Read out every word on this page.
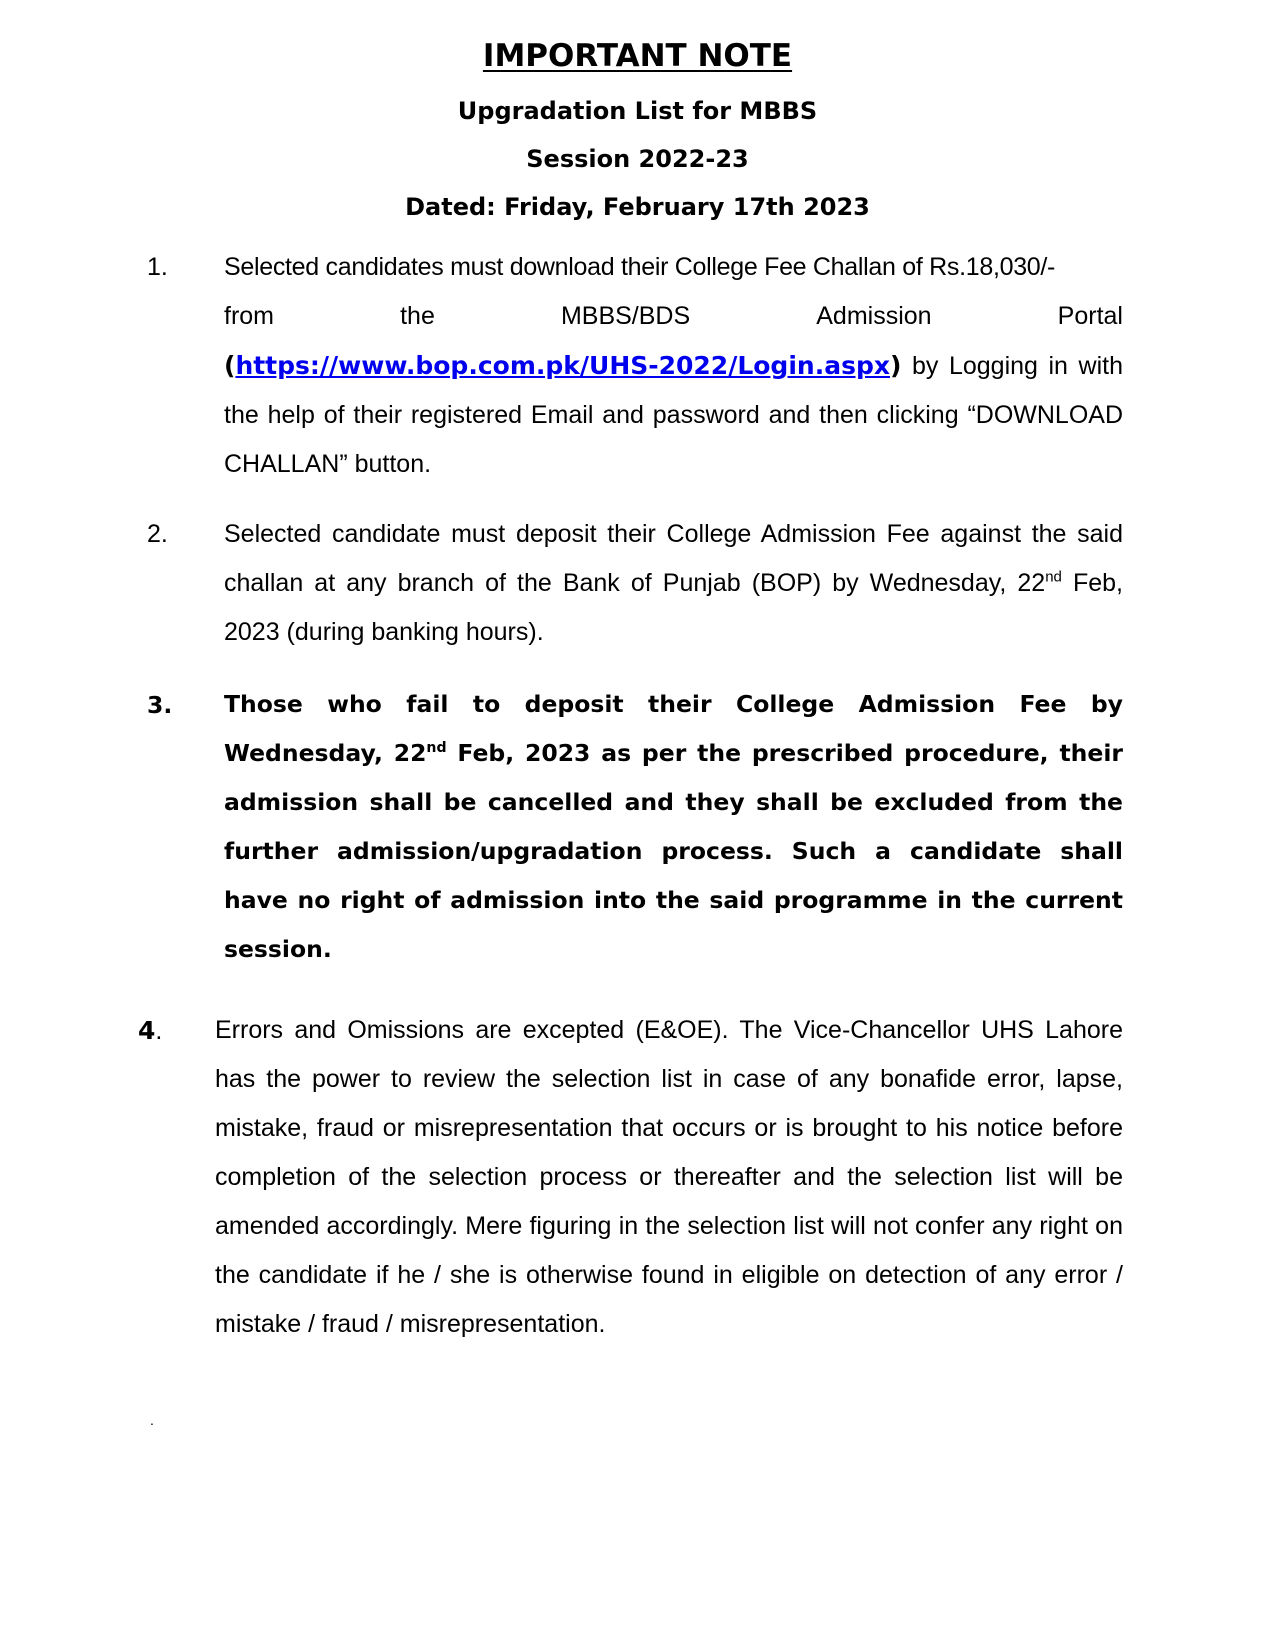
IMPORTANT NOTE
Upgradation List for MBBS
Session 2022-23
Dated: Friday, February 17th 2023
1. Selected candidates must download their College Fee Challan of Rs.18,030/-
from	the	MBBS/BDS	Admission	Portal
(https://www.bop.com.pk/UHS-2022/Login.aspx) by Logging in with the help of their registered Email and password and then clicking “DOWNLOAD CHALLAN” button.
2. Selected candidate must deposit their College Admission Fee against the said challan at any branch of the Bank of Punjab (BOP) by Wednesday, 22nd Feb, 2023 (during banking hours).
3. Those who fail to deposit their College Admission Fee by Wednesday, 22nd Feb, 2023 as per the prescribed procedure, their admission shall be cancelled and they shall be excluded from the further admission/upgradation process. Such a candidate shall have no right of admission into the said programme in the current session.
4. Errors and Omissions are excepted (E&OE). The Vice-Chancellor UHS Lahore has the power to review the selection list in case of any bonafide error, lapse, mistake, fraud or misrepresentation that occurs or is brought to his notice before completion of the selection process or thereafter and the selection list will be amended accordingly. Mere figuring in the selection list will not confer any right on the candidate if he / she is otherwise found in eligible on detection of any error / mistake / fraud / misrepresentation.
.
